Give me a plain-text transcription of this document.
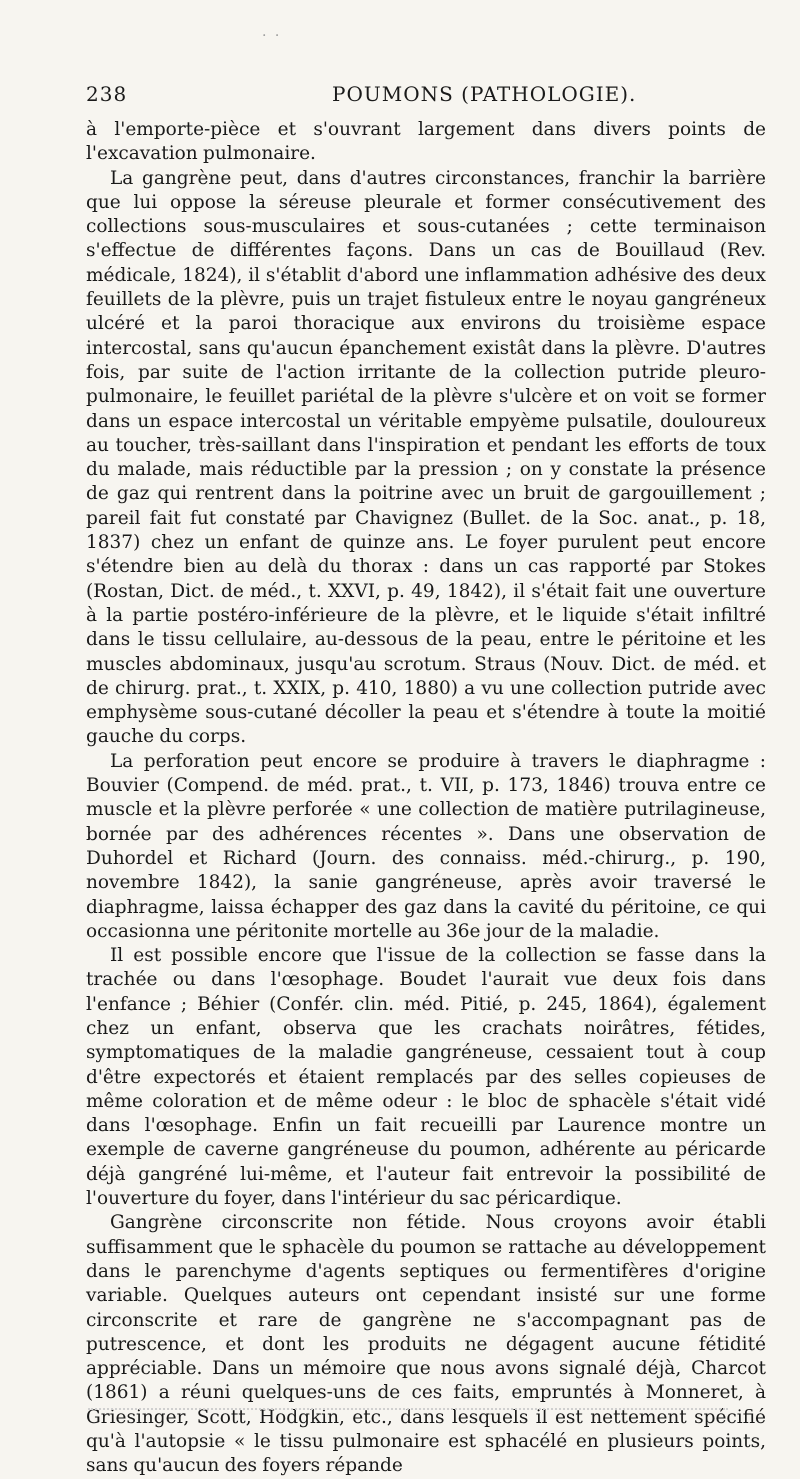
· ·
238	POUMONS (PATHOLOGIE).

à l'emporte-pièce et s'ouvrant largement dans divers points de l'excavation pulmonaire.

La gangrène peut, dans d'autres circonstances, franchir la barrière que lui oppose la séreuse pleurale et former consécutivement des collections sous-musculaires et sous-cutanées ; cette terminaison s'effectue de différentes façons. Dans un cas de Bouillaud (Rev. médicale, 1824), il s'établit d'abord une inflammation adhésive des deux feuillets de la plèvre, puis un trajet fistuleux entre le noyau gangréneux ulcéré et la paroi thoracique aux environs du troisième espace intercostal, sans qu'aucun épanchement existât dans la plèvre. D'autres fois, par suite de l'action irritante de la collection putride pleuro-pulmonaire, le feuillet pariétal de la plèvre s'ulcère et on voit se former dans un espace intercostal un véritable empyème pulsatile, douloureux au toucher, très-saillant dans l'inspiration et pendant les efforts de toux du malade, mais réductible par la pression ; on y constate la présence de gaz qui rentrent dans la poitrine avec un bruit de gargouillement ; pareil fait fut constaté par Chavignez (Bullet. de la Soc. anat., p. 18, 1837) chez un enfant de quinze ans. Le foyer purulent peut encore s'étendre bien au delà du thorax : dans un cas rapporté par Stokes (Rostan, Dict. de méd., t. XXVI, p. 49, 1842), il s'était fait une ouverture à la partie postéro-inférieure de la plèvre, et le liquide s'était infiltré dans le tissu cellulaire, au-dessous de la peau, entre le péritoine et les muscles abdominaux, jusqu'au scrotum. Straus (Nouv. Dict. de méd. et de chirurg. prat., t. XXIX, p. 410, 1880) a vu une collection putride avec emphysème sous-cutané décoller la peau et s'étendre à toute la moitié gauche du corps.

La perforation peut encore se produire à travers le diaphragme : Bouvier (Compend. de méd. prat., t. VII, p. 173, 1846) trouva entre ce muscle et la plèvre perforée « une collection de matière putrilagineuse, bornée par des adhérences récentes ». Dans une observation de Duhordel et Richard (Journ. des connaiss. méd.-chirurg., p. 190, novembre 1842), la sanie gangréneuse, après avoir traversé le diaphragme, laissa échapper des gaz dans la cavité du péritoine, ce qui occasionna une péritonite mortelle au 36e jour de la maladie.

Il est possible encore que l'issue de la collection se fasse dans la trachée ou dans l'œsophage. Boudet l'aurait vue deux fois dans l'enfance ; Béhier (Confér. clin. méd. Pitié, p. 245, 1864), également chez un enfant, observa que les crachats noirâtres, fétides, symptomatiques de la maladie gangréneuse, cessaient tout à coup d'être expectorés et étaient remplacés par des selles copieuses de même coloration et de même odeur : le bloc de sphacèle s'était vidé dans l'œsophage. Enfin un fait recueilli par Laurence montre un exemple de caverne gangréneuse du poumon, adhérente au péricarde déjà gangréné lui-même, et l'auteur fait entrevoir la possibilité de l'ouverture du foyer, dans l'intérieur du sac péricardique.

Gangrène circonscrite non fétide. Nous croyons avoir établi suffisamment que le sphacèle du poumon se rattache au développement dans le parenchyme d'agents septiques ou fermentifères d'origine variable. Quelques auteurs ont cependant insisté sur une forme circonscrite et rare de gangrène ne s'accompagnant pas de putrescence, et dont les produits ne dégagent aucune fétidité appréciable. Dans un mémoire que nous avons signalé déjà, Charcot (1861) a réuni quelques-uns de ces faits, empruntés à Monneret, à Griesinger, Scott, Hodgkin, etc., dans lesquels il est nettement spécifié qu'à l'autopsie « le tissu pulmonaire est sphacélé en plusieurs points, sans qu'aucun des foyers répande
